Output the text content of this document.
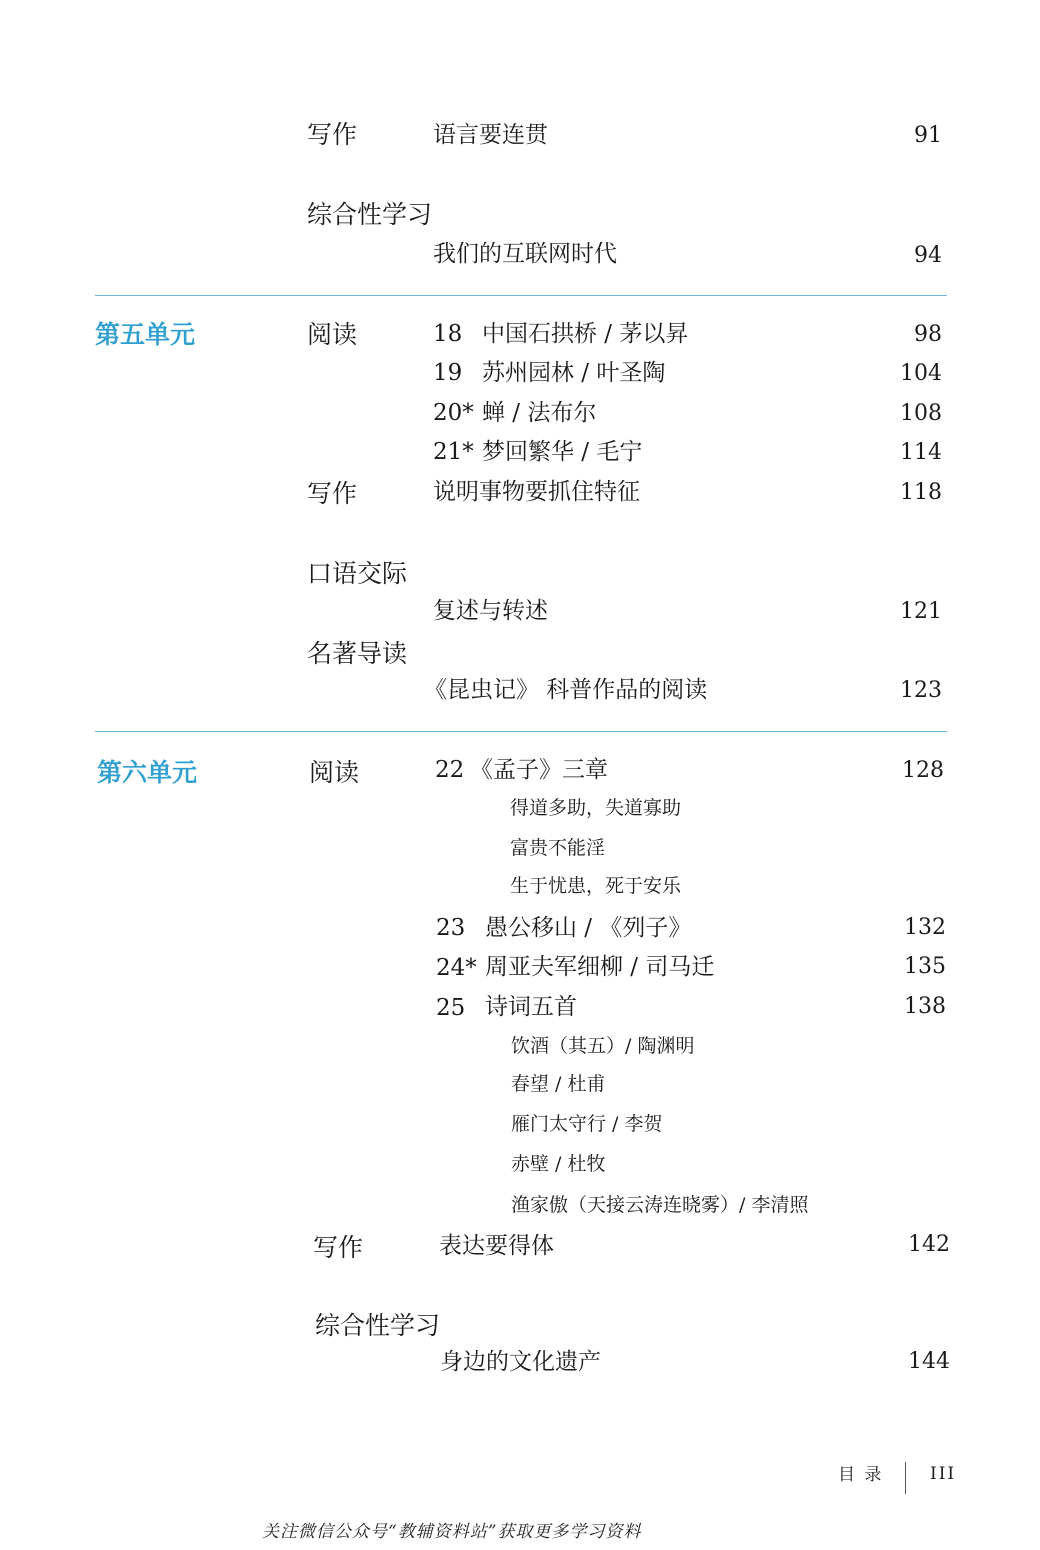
写作	语言要连贯	91
综合性学习
我们的互联网时代	94
第五单元	阅读	18 中国石拱桥 / 茅以昇	98
19 苏州园林 / 叶圣陶	104
20* 蝉 / 法布尔	108
21* 梦回繁华 / 毛宁	114
写作	说明事物要抓住特征	118
口语交际
复述与转述	121
名著导读
《昆虫记》 科普作品的阅读	123
第六单元	阅读	22 《孟子》三章	128
得道多助，失道寡助
富贵不能淫
生于忧患，死于安乐
23 愚公移山 / 《列子》	132
24* 周亚夫军细柳 / 司马迁	135
25 诗词五首	138
饮酒（其五）/ 陶渊明
春望 / 杜甫
雁门太守行 / 李贺
赤壁 / 杜牧
渔家傲（天接云涛连晓雾）/ 李清照
写作	表达要得体	142
综合性学习
身边的文化遗产	144
目 录	III
关注微信公众号“教辅资料站”获取更多学习资料
